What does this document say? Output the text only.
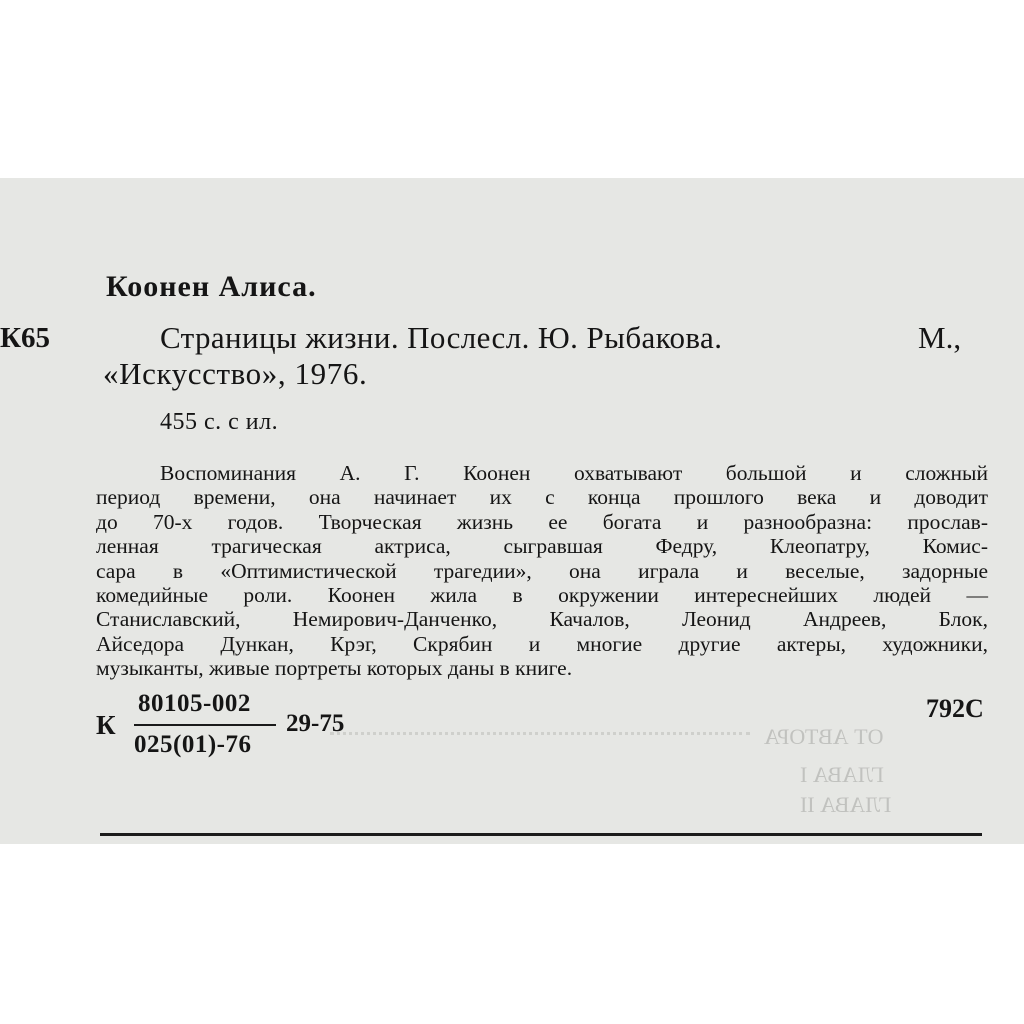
ОТ АВТОРА
ГЛАВА I
ГЛАВА II

Коонен Алиса.

К65	Страницы жизни. Послесл. Ю. Рыбакова.	М.,

«Искусство», 1976.

455 с. с ил.

Воспоминания А. Г. Коонен охватывают большой и сложный
период времени, она начинает их с конца прошлого века и доводит
до 70-х годов. Творческая жизнь ее богата и разнообразна: прослав-
ленная трагическая актриса, сыгравшая Федру, Клеопатру, Комис-
сара в «Оптимистической трагедии», она играла и веселые, задорные
комедийные роли. Коонен жила в окружении интереснейших людей —
Станиславский, Немирович-Данченко, Качалов, Леонид Андреев, Блок,
Айседора Дункан, Крэг, Скрябин и многие другие актеры, художники,
музыканты, живые портреты которых даны в книге.

К

80105-002

025(01)-76

29-75

792С
